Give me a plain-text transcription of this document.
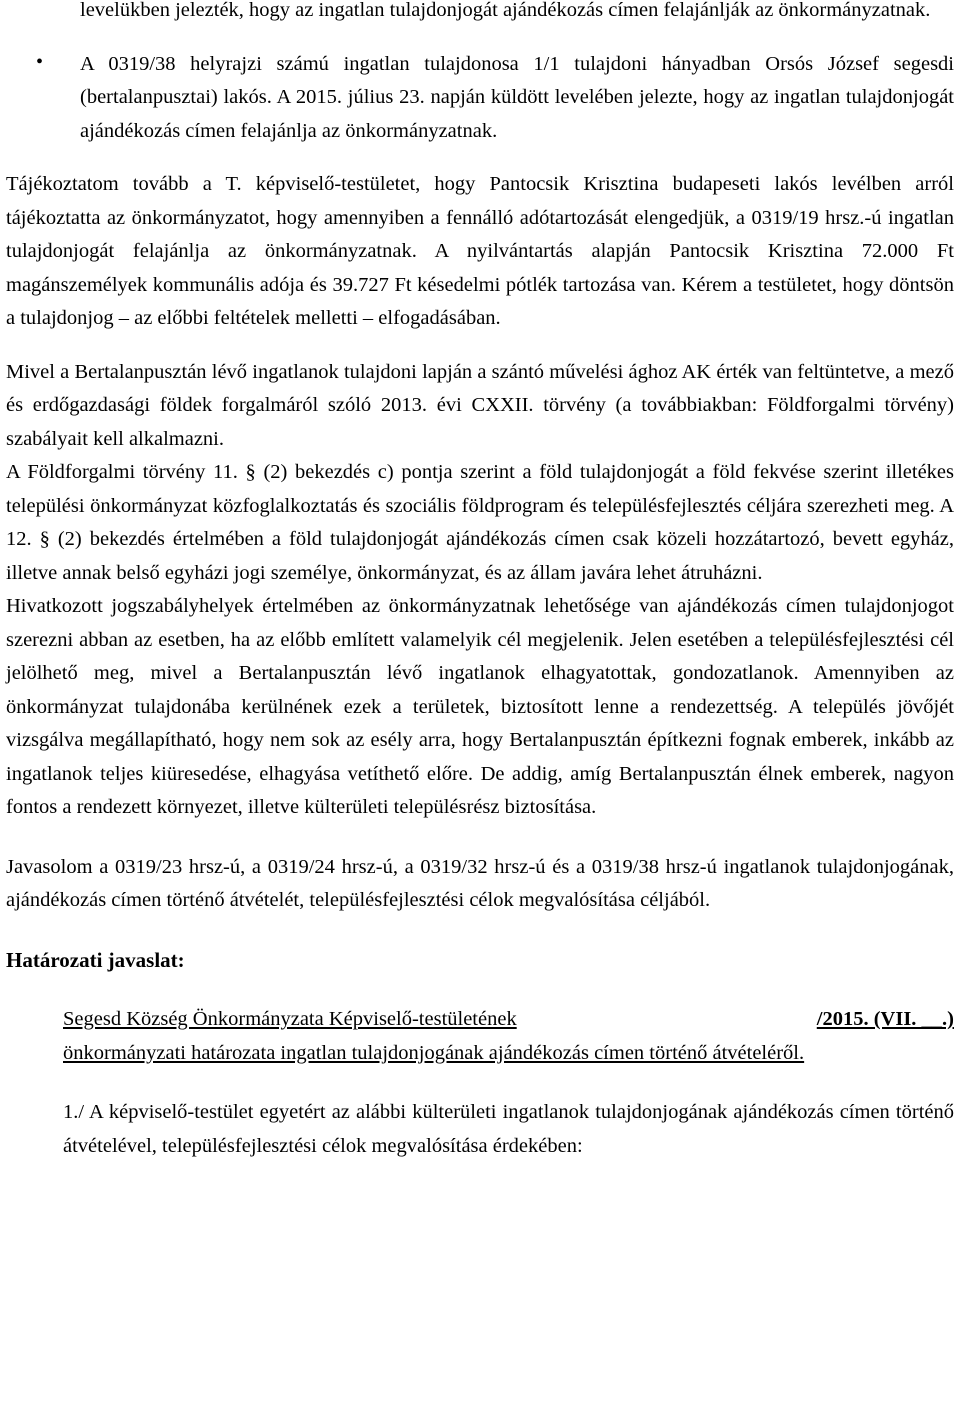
levelükben jelezték, hogy az ingatlan tulajdonjogát ajándékozás címen felajánlják az önkormányzatnak.

•	A 0319/38 helyrajzi számú ingatlan tulajdonosa 1/1 tulajdoni hányadban Orsós József segesdi (bertalanpusztai) lakós. A 2015. július 23. napján küldött levelében jelezte, hogy az ingatlan tulajdonjogát ajándékozás címen felajánlja az önkormányzatnak.

Tájékoztatom tovább a T. képviselő-testületet, hogy Pantocsik Krisztina budapeseti lakós levélben arról tájékoztatta az önkormányzatot, hogy amennyiben a fennálló adótartozását elengedjük, a 0319/19 hrsz.-ú ingatlan tulajdonjogát felajánlja az önkormányzatnak. A nyilvántartás alapján Pantocsik Krisztina 72.000 Ft magánszemélyek kommunális adója és 39.727 Ft késedelmi pótlék tartozása van. Kérem a testületet, hogy döntsön a tulajdonjog – az előbbi feltételek melletti – elfogadásában.

Mivel a Bertalanpusztán lévő ingatlanok tulajdoni lapján a szántó művelési ághoz AK érték van feltüntetve, a mező és erdőgazdasági földek forgalmáról szóló 2013. évi CXXII. törvény (a továbbiakban: Földforgalmi törvény) szabályait kell alkalmazni.

A Földforgalmi törvény 11. § (2) bekezdés c) pontja szerint a föld tulajdonjogát a föld fekvése szerint illetékes települési önkormányzat közfoglalkoztatás és szociális földprogram és településfejlesztés céljára szerezheti meg. A 12. § (2) bekezdés értelmében a föld tulajdonjogát ajándékozás címen csak közeli hozzátartozó, bevett egyház, illetve annak belső egyházi jogi személye, önkormányzat, és az állam javára lehet átruházni.

Hivatkozott jogszabályhelyek értelmében az önkormányzatnak lehetősége van ajándékozás címen tulajdonjogot szerezni abban az esetben, ha az előbb említett valamelyik cél megjelenik. Jelen esetében a településfejlesztési cél jelölhető meg, mivel a Bertalanpusztán lévő ingatlanok elhagyatottak, gondozatlanok. Amennyiben az önkormányzat tulajdonába kerülnének ezek a területek, biztosított lenne a rendezettség. A település jövőjét vizsgálva megállapítható, hogy nem sok az esély arra, hogy Bertalanpusztán építkezni fognak emberek, inkább az ingatlanok teljes kiüresedése, elhagyása vetíthető előre. De addig, amíg Bertalanpusztán élnek emberek, nagyon fontos a rendezett környezet, illetve külterületi településrész biztosítása.

Javasolom a 0319/23 hrsz-ú, a 0319/24 hrsz-ú, a 0319/32 hrsz-ú és a 0319/38 hrsz-ú ingatlanok tulajdonjogának, ajándékozás címen történő átvételét, településfejlesztési célok megvalósítása céljából.

Határozati javaslat:

Segesd Község Önkormányzata Képviselő-testületének	/2015. (VII. __.)

önkormányzati határozata ingatlan tulajdonjogának ajándékozás címen történő átvételéről.

1./ A képviselő-testület egyetért az alábbi külterületi ingatlanok tulajdonjogának ajándékozás címen történő átvételével, településfejlesztési célok megvalósítása érdekében:
